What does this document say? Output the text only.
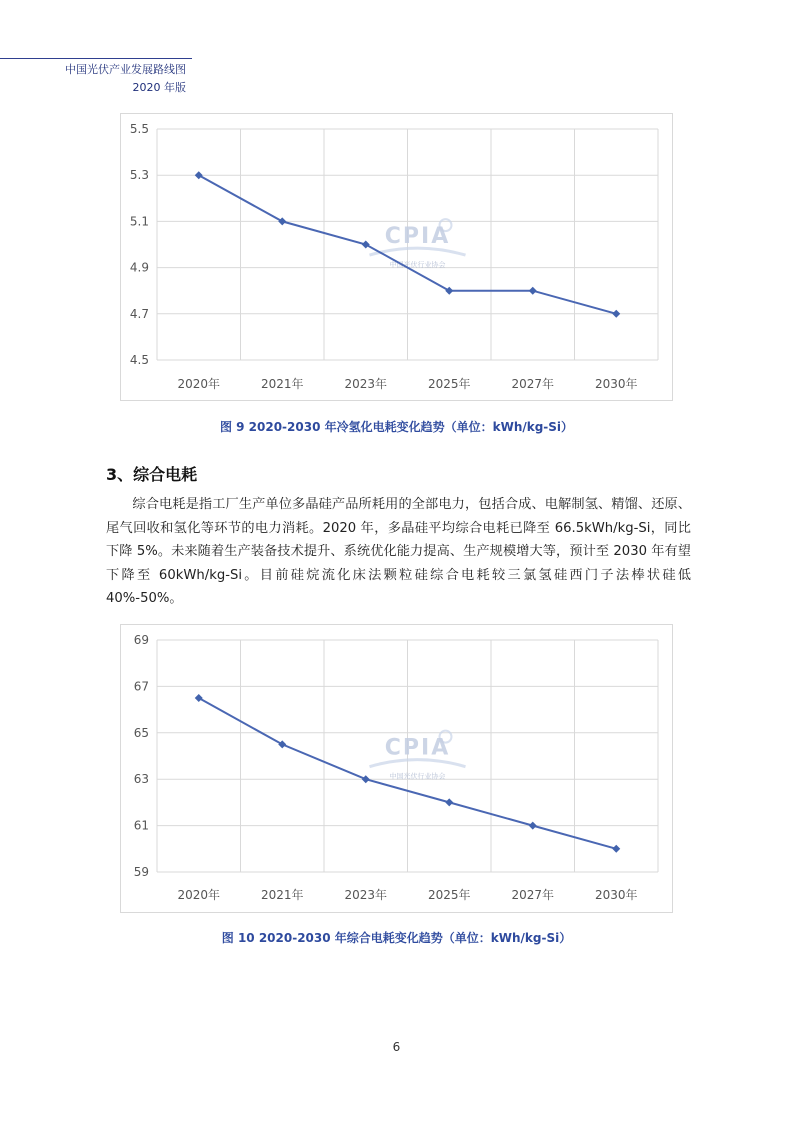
中国光伏产业发展路线图
2020 年版
5.5
5.3
5.1
4.9
4.7
4.5
CPIA
中国光伏行业协会
2020年	2021年	2023年	2025年	2027年	2030年
图 9 2020-2030 年冷氢化电耗变化趋势（单位：kWh/kg-Si）
3、综合电耗

综合电耗是指工厂生产单位多晶硅产品所耗用的全部电力，包括合成、电解制氢、精馏、还原、尾气回收和氢化等环节的电力消耗。2020 年，多晶硅平均综合电耗已降至 66.5kWh/kg-Si，同比下降 5%。未来随着生产装备技术提升、系统优化能力提高、生产规模增大等，预计至 2030 年有望下降至 60kWh/kg-Si。目前硅烷流化床法颗粒硅综合电耗较三氯氢硅西门子法棒状硅低 40%-50%。

69
67
65
63
61
59
CPIA
中国光伏行业协会
2020年	2021年	2023年	2025年	2027年	2030年
图 10 2020-2030 年综合电耗变化趋势（单位：kWh/kg-Si）
6
